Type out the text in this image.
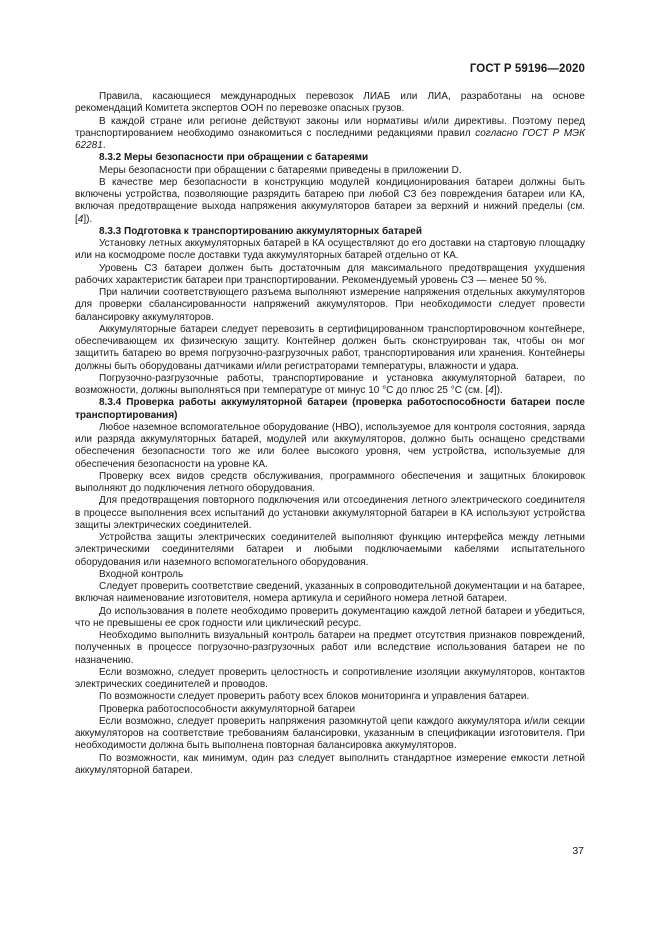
ГОСТ Р 59196—2020

Правила, касающиеся международных перевозок ЛИАБ или ЛИА, разработаны на основе рекомендаций Комитета экспертов ООН по перевозке опасных грузов.

В каждой стране или регионе действуют законы или нормативы и/или директивы. Поэтому перед транспортированием необходимо ознакомиться с последними редакциями правил согласно ГОСТ Р МЭК 62281.

8.3.2 Меры безопасности при обращении с батареями

Меры безопасности при обращении с батареями приведены в приложении D.

В качестве мер безопасности в конструкцию модулей кондиционирования батареи должны быть включены устройства, позволяющие разрядить батарею при любой СЗ без повреждения батареи или КА, включая предотвращение выхода напряжения аккумуляторов батареи за верхний и нижний пределы (см. [4]).

8.3.3 Подготовка к транспортированию аккумуляторных батарей

Установку летных аккумуляторных батарей в КА осуществляют до его доставки на стартовую площадку или на космодроме после доставки туда аккумуляторных батарей отдельно от КА.

Уровень СЗ батареи должен быть достаточным для максимального предотвращения ухудшения рабочих характеристик батареи при транспортировании. Рекомендуемый уровень СЗ — менее 50 %.

При наличии соответствующего разъема выполняют измерение напряжения отдельных аккумуляторов для проверки сбалансированности напряжений аккумуляторов. При необходимости следует провести балансировку аккумуляторов.

Аккумуляторные батареи следует перевозить в сертифицированном транспортировочном контейнере, обеспечивающем их физическую защиту. Контейнер должен быть сконструирован так, чтобы он мог защитить батарею во время погрузочно-разгрузочных работ, транспортирования или хранения. Контейнеры должны быть оборудованы датчиками и/или регистраторами температуры, влажности и удара.

Погрузочно-разгрузочные работы, транспортирование и установка аккумуляторной батареи, по возможности, должны выполняться при температуре от минус 10 °С до плюс 25 °С (см. [4]).

8.3.4 Проверка работы аккумуляторной батареи (проверка работоспособности батареи после транспортирования)

Любое наземное вспомогательное оборудование (НВО), используемое для контроля состояния, заряда или разряда аккумуляторных батарей, модулей или аккумуляторов, должно быть оснащено средствами обеспечения безопасности того же или более высокого уровня, чем устройства, используемые для обеспечения безопасности на уровне КА.

Проверку всех видов средств обслуживания, программного обеспечения и защитных блокировок выполняют до подключения летного оборудования.

Для предотвращения повторного подключения или отсоединения летного электрического соединителя в процессе выполнения всех испытаний до установки аккумуляторной батареи в КА используют устройства защиты электрических соединителей.

Устройства защиты электрических соединителей выполняют функцию интерфейса между летными электрическими соединителями батареи и любыми подключаемыми кабелями испытательного оборудования или наземного вспомогательного оборудования.

Входной контроль

Следует проверить соответствие сведений, указанных в сопроводительной документации и на батарее, включая наименование изготовителя, номера артикула и серийного номера летной батареи.

До использования в полете необходимо проверить документацию каждой летной батареи и убедиться, что не превышены ее срок годности или циклический ресурс.

Необходимо выполнить визуальный контроль батареи на предмет отсутствия признаков повреждений, полученных в процессе погрузочно-разгрузочных работ или вследствие использования батареи не по назначению.

Если возможно, следует проверить целостность и сопротивление изоляции аккумуляторов, контактов электрических соединителей и проводов.

По возможности следует проверить работу всех блоков мониторинга и управления батареи.

Проверка работоспособности аккумуляторной батареи

Если возможно, следует проверить напряжения разомкнутой цепи каждого аккумулятора и/или секции аккумуляторов на соответствие требованиям балансировки, указанным в спецификации изготовителя. При необходимости должна быть выполнена повторная балансировка аккумуляторов.

По возможности, как минимум, один раз следует выполнить стандартное измерение емкости летной аккумуляторной батареи.

37
